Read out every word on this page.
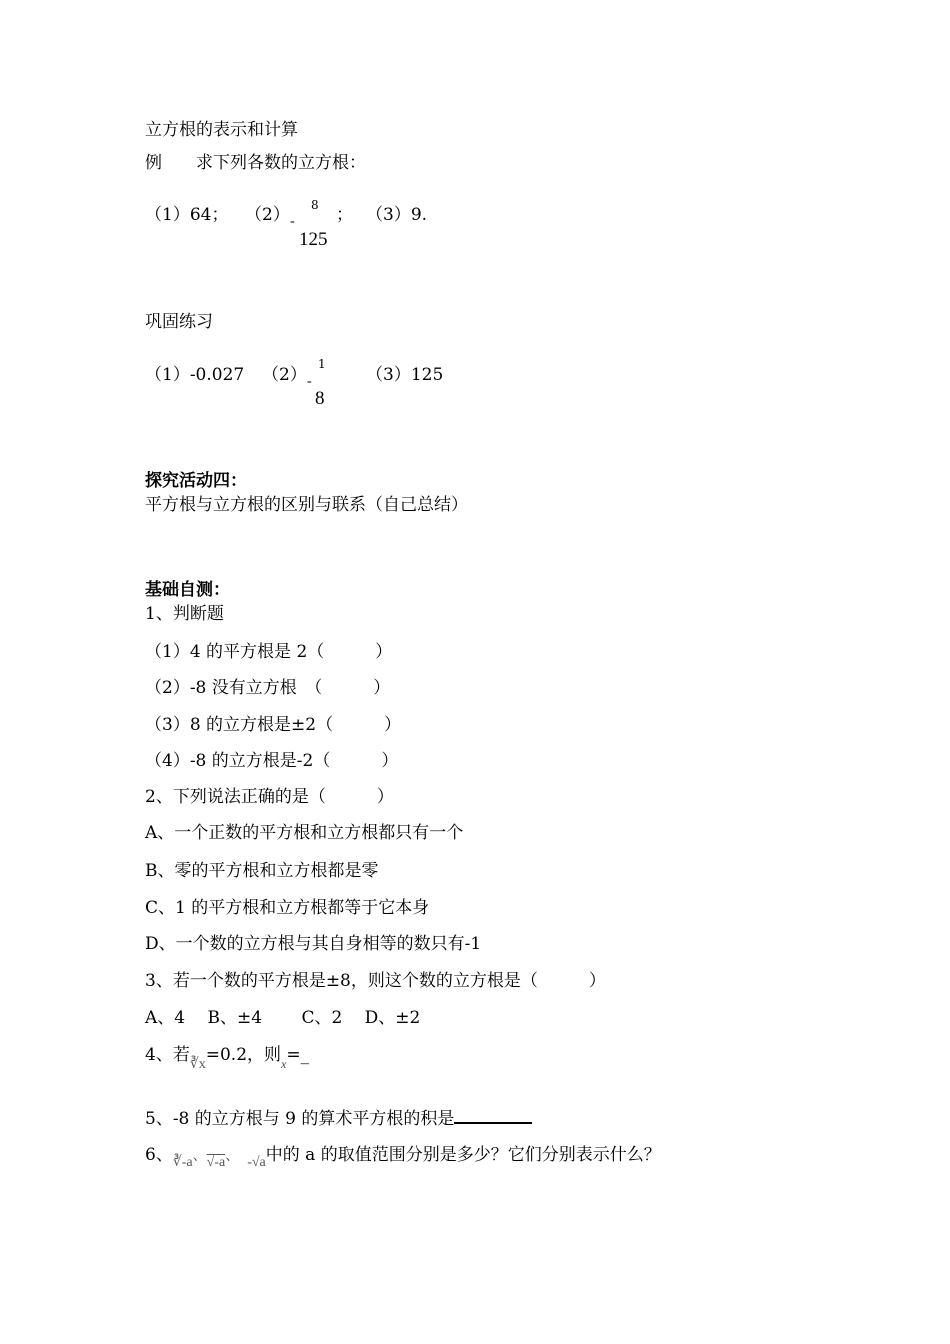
立方根的表示和计算
例　　求下列各数的立方根：
（1）64； （2） -
8
125
； （3）9.
巩固练习
（1）-0.027 （2） -
1
8
（3）125
探究活动四：
平方根与立方根的区别与联系（自己总结）
基础自测：
1、判断题
（1）4 的平方根是 2（　　　）
（2）-8 没有立方根　（　　　）
（3）8 的立方根是±2（　　　）
（4）-8 的立方根是-2（　　　）
2、下列说法正确的是（　　　）
A、一个正数的平方根和立方根都只有一个
B、零的平方根和立方根都是零
C、1 的平方根和立方根都等于它本身
D、一个数的立方根与其自身相等的数只有-1
3、若一个数的平方根是±8，则这个数的立方根是（　　　）
A、4　 B、±4　　 C、2　 D、±2
4、若$_{∛x}$=0.2，则$_x$=_
5、-8 的立方根与 9 的算术平方根的积是
6、$_{∛-a}$、$_{√-a}$、 $_{-√a}$中的 a 的取值范围分别是多少？它们分别表示什么？
